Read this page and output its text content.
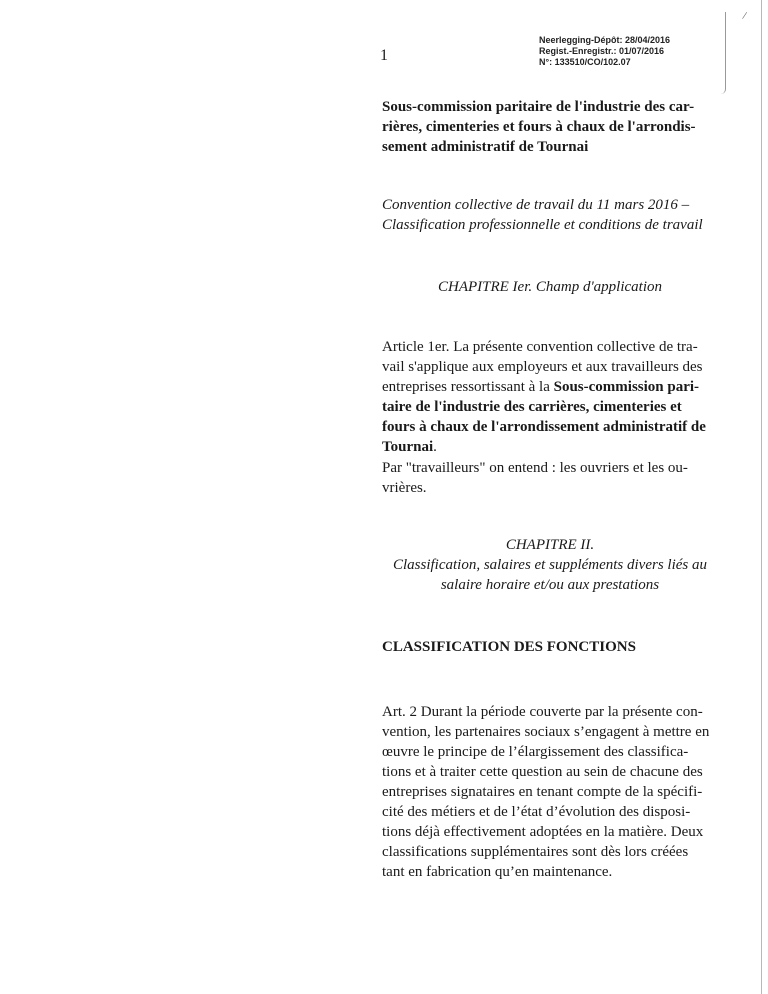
/
1
Neerlegging-Dépôt: 28/04/2016
Regist.-Enregistr.: 01/07/2016
N°: 133510/CO/102.07
Sous-commission paritaire de l'industrie des car-
rières, cimenteries et fours à chaux de l'arrondis-
sement administratif de Tournai
Convention collective de travail du 11 mars 2016 –
Classification professionnelle et conditions de travail
CHAPITRE Ier. Champ d'application
Article 1er. La présente convention collective de tra-
vail s'applique aux employeurs et aux travailleurs des
entreprises ressortissant à la Sous-commission pari-
taire de l'industrie des carrières, cimenteries et
fours à chaux de l'arrondissement administratif de
Tournai.
Par "travailleurs" on entend : les ouvriers et les ou-
vrières.
CHAPITRE II.
Classification, salaires et suppléments divers liés au
salaire horaire et/ou aux prestations
CLASSIFICATION DES FONCTIONS
Art. 2 Durant la période couverte par la présente con-
vention, les partenaires sociaux s’engagent à mettre en
œuvre le principe de l’élargissement des classifica-
tions et à traiter cette question au sein de chacune des
entreprises signataires en tenant compte de la spécifi-
cité des métiers et de l’état d’évolution des disposi-
tions déjà effectivement adoptées en la matière. Deux
classifications supplémentaires sont dès lors créées
tant en fabrication qu’en maintenance.
